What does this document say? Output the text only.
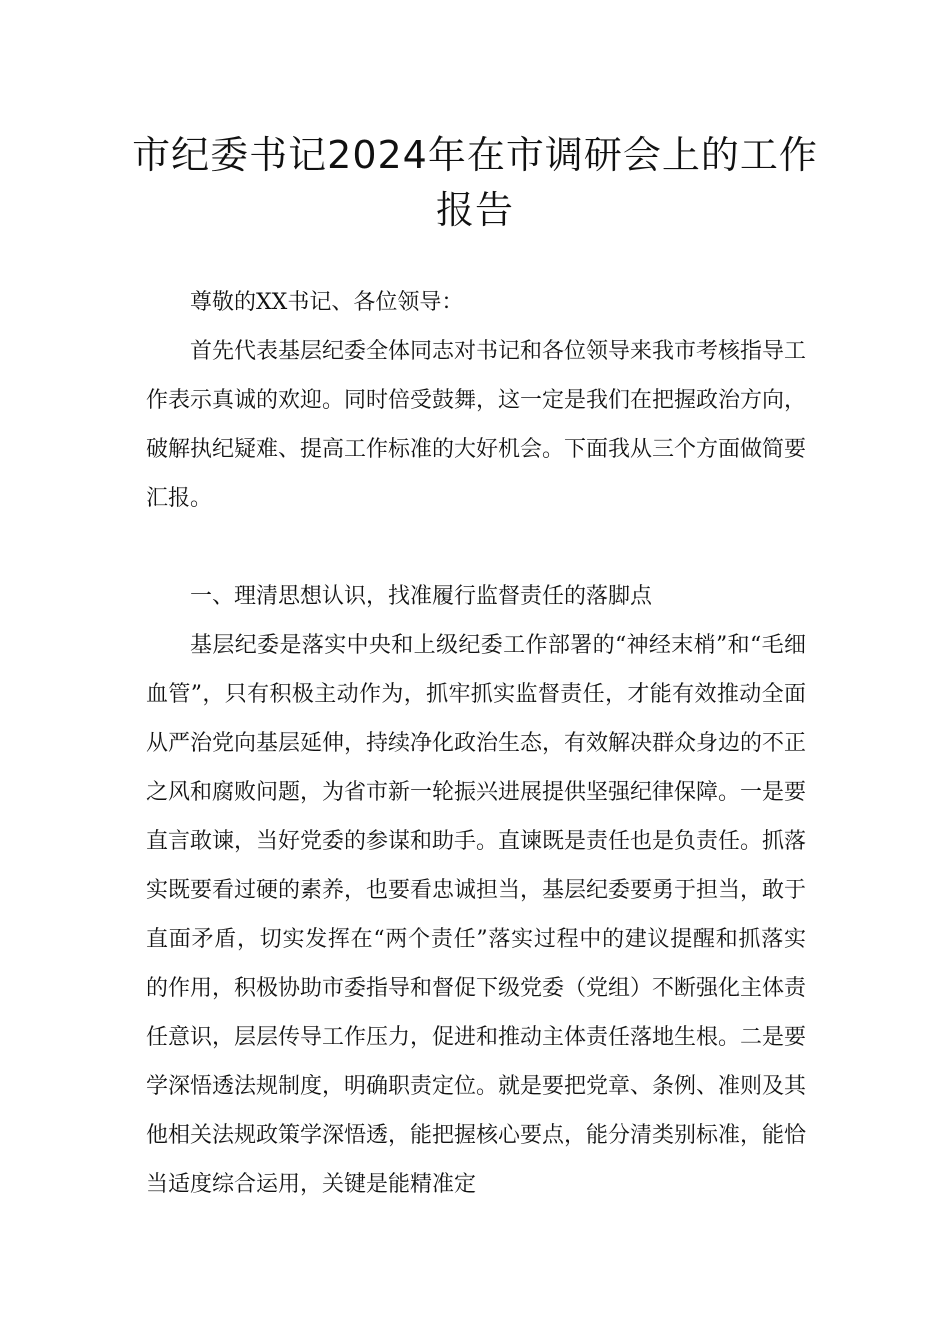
市纪委书记2024年在市调研会上的工作报告

尊敬的XX书记、各位领导：

首先代表基层纪委全体同志对书记和各位领导来我市考核指导工作表示真诚的欢迎。同时倍受鼓舞，这一定是我们在把握政治方向，破解执纪疑难、提高工作标准的大好机会。下面我从三个方面做简要汇报。

一、理清思想认识，找准履行监督责任的落脚点

基层纪委是落实中央和上级纪委工作部署的“神经末梢”和“毛细血管”，只有积极主动作为，抓牢抓实监督责任，才能有效推动全面从严治党向基层延伸，持续净化政治生态，有效解决群众身边的不正之风和腐败问题，为省市新一轮振兴进展提供坚强纪律保障。一是要直言敢谏，当好党委的参谋和助手。直谏既是责任也是负责任。抓落实既要看过硬的素养，也要看忠诚担当，基层纪委要勇于担当，敢于直面矛盾，切实发挥在“两个责任”落实过程中的建议提醒和抓落实的作用，积极协助市委指导和督促下级党委（党组）不断强化主体责任意识，层层传导工作压力，促进和推动主体责任落地生根。二是要学深悟透法规制度，明确职责定位。就是要把党章、条例、准则及其他相关法规政策学深悟透，能把握核心要点，能分清类别标准，能恰当适度综合运用，关键是能精准定
